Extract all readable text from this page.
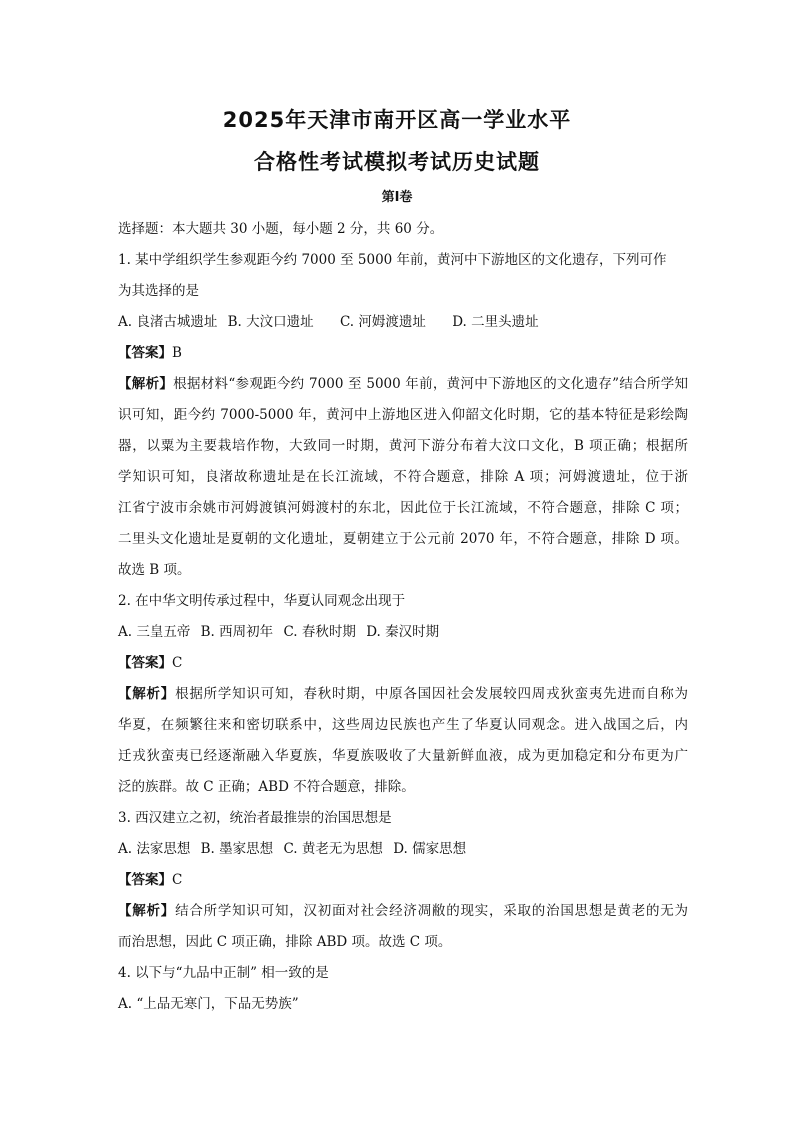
2025年天津市南开区高一学业水平
合格性考试模拟考试历史试题
第Ⅰ卷
选择题：本大题共 30 小题，每小题 2 分，共 60 分。
1. 某中学组织学生参观距今约 7000 至 5000 年前，黄河中下游地区的文化遗存，下列可作
为其选择的是
A. 良渚古城遗址 B. 大汶口遗址 C. 河姆渡遗址 D. 二里头遗址
【答案】B
【解析】根据材料“参观距今约 7000 至 5000 年前，黄河中下游地区的文化遗存”结合所学知
识可知，距今约 7000-5000 年，黄河中上游地区进入仰韶文化时期，它的基本特征是彩绘陶
器，以粟为主要栽培作物，大致同一时期，黄河下游分布着大汶口文化，B 项正确；根据所
学知识可知，良渚故称遗址是在长江流域，不符合题意，排除 A 项；河姆渡遗址，位于浙
江省宁波市余姚市河姆渡镇河姆渡村的东北，因此位于长江流域，不符合题意，排除 C 项；
二里头文化遗址是夏朝的文化遗址，夏朝建立于公元前 2070 年，不符合题意，排除 D 项。
故选 B 项。
2. 在中华文明传承过程中，华夏认同观念出现于
A. 三皇五帝 B. 西周初年 C. 春秋时期 D. 秦汉时期
【答案】C
【解析】根据所学知识可知，春秋时期，中原各国因社会发展较四周戎狄蛮夷先进而自称为
华夏，在频繁往来和密切联系中，这些周边民族也产生了华夏认同观念。进入战国之后，内
迁戎狄蛮夷已经逐渐融入华夏族，华夏族吸收了大量新鲜血液，成为更加稳定和分布更为广
泛的族群。故 C 正确；ABD 不符合题意，排除。
3. 西汉建立之初，统治者最推崇的治国思想是
A. 法家思想 B. 墨家思想 C. 黄老无为思想 D. 儒家思想
【答案】C
【解析】结合所学知识可知，汉初面对社会经济凋敝的现实，采取的治国思想是黄老的无为
而治思想，因此 C 项正确，排除 ABD 项。故选 C 项。
4. 以下与“九品中正制” 相一致的是
A. “上品无寒门，下品无势族”
